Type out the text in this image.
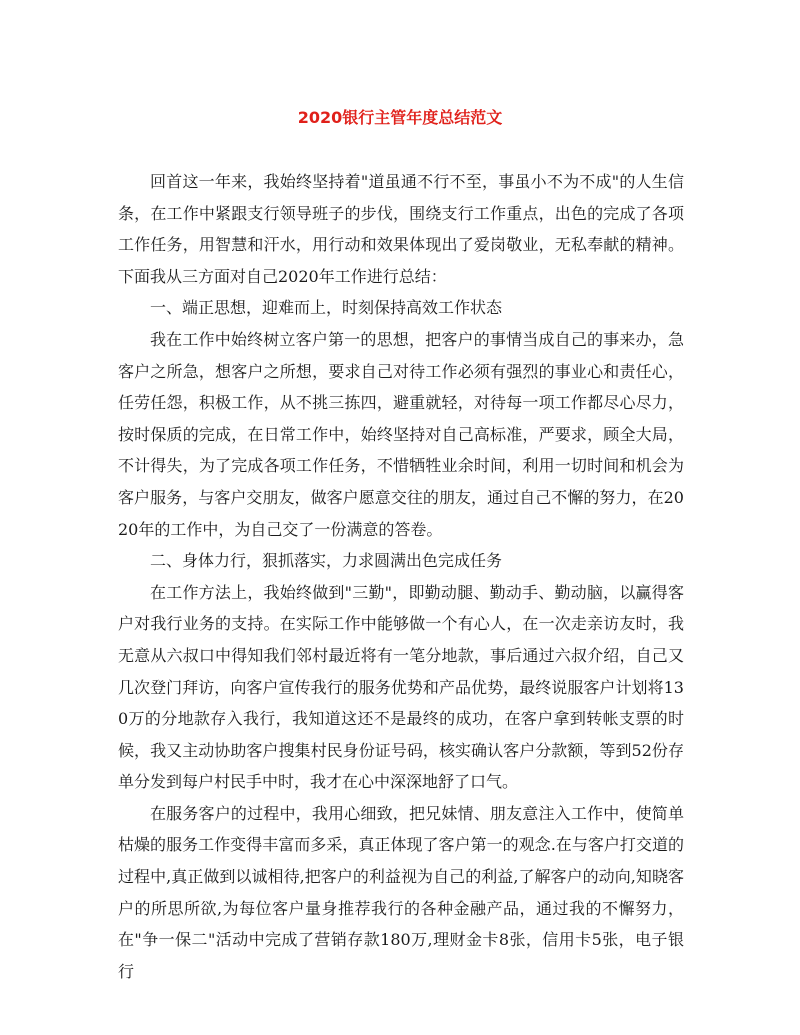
2020银行主管年度总结范文

回首这一年来，我始终坚持着"道虽通不行不至，事虽小不为不成"的人生信条，在工作中紧跟支行领导班子的步伐，围绕支行工作重点，出色的完成了各项工作任务，用智慧和汗水，用行动和效果体现出了爱岗敬业，无私奉献的精神。下面我从三方面对自己2020年工作进行总结：

一、端正思想，迎难而上，时刻保持高效工作状态

我在工作中始终树立客户第一的思想，把客户的事情当成自己的事来办，急客户之所急，想客户之所想，要求自己对待工作必须有强烈的事业心和责任心，任劳任怨，积极工作，从不挑三拣四，避重就轻，对待每一项工作都尽心尽力，按时保质的完成，在日常工作中，始终坚持对自己高标准，严要求，顾全大局，不计得失，为了完成各项工作任务，不惜牺牲业余时间，利用一切时间和机会为客户服务，与客户交朋友，做客户愿意交往的朋友，通过自己不懈的努力，在2020年的工作中，为自己交了一份满意的答卷。

二、身体力行，狠抓落实，力求圆满出色完成任务

在工作方法上，我始终做到"三勤"，即勤动腿、勤动手、勤动脑，以赢得客户对我行业务的支持。在实际工作中能够做一个有心人，在一次走亲访友时，我无意从六叔口中得知我们邻村最近将有一笔分地款，事后通过六叔介绍，自己又几次登门拜访，向客户宣传我行的服务优势和产品优势，最终说服客户计划将130万的分地款存入我行，我知道这还不是最终的成功，在客户拿到转帐支票的时候，我又主动协助客户搜集村民身份证号码，核实确认客户分款额，等到52份存单分发到每户村民手中时，我才在心中深深地舒了口气。

在服务客户的过程中，我用心细致，把兄妹情、朋友意注入工作中，使简单枯燥的服务工作变得丰富而多采，真正体现了客户第一的观念.在与客户打交道的过程中,真正做到以诚相待,把客户的利益视为自己的利益,了解客户的动向,知晓客户的所思所欲,为每位客户量身推荐我行的各种金融产品，通过我的不懈努力，在"争一保二"活动中完成了营销存款180万,理财金卡8张，信用卡5张，电子银行
